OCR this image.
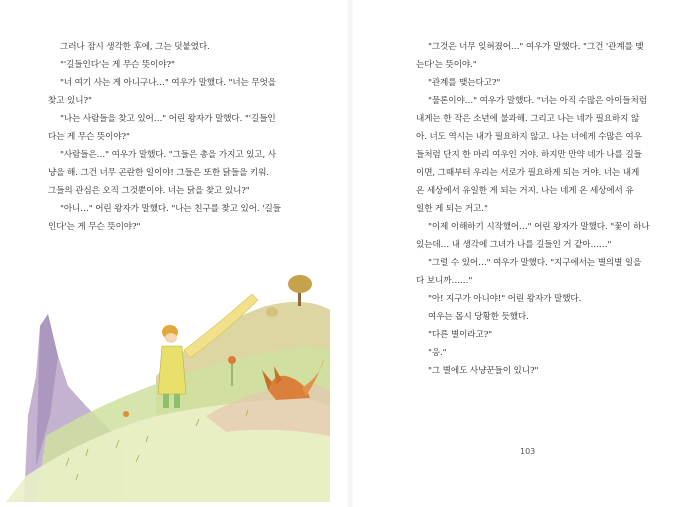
그러나 잠시 생각한 후에, 그는 덧붙였다.

"'길들인다'는 게 무슨 뜻이야?"

"너 여기 사는 게 아니구나…" 여우가 말했다. "너는 무엇을

찾고 있니?"

"나는 사람들을 찾고 있어…" 어린 왕자가 말했다. "'길들인

다는 게 무슨 뜻이야?"

"사람들은…" 여우가 말했다. "그들은 총을 가지고 있고, 사

냥을 해. 그건 너무 곤란한 일이야! 그들은 또한 닭들을 키워.

그들의 관심은 오직 그것뿐이야. 너는 닭을 찾고 있니?"

"아니…" 어린 왕자가 말했다. "나는 친구를 찾고 있어. '길들

인다'는 게 무슨 뜻이야?"

"그것은 너무 잊혀졌어…" 여우가 말했다. "그건 '관계를 맺

는다'는 뜻이야."

"관계를 맺는다고?"

"물론이야…" 여우가 말했다. "너는 아직 수많은 아이들처럼

내게는 한 작은 소년에 불과해. 그리고 나는 네가 필요하지 않

아. 너도 역시는 내가 필요하지 않고. 나는 너에게 수많은 여우

들처럼 단지 한 마리 여우인 거야. 하지만 만약 네가 나를 길들

이면, 그때부터 우리는 서로가 필요하게 되는 거야. 너는 내게

온 세상에서 유일한 게 되는 거지. 나는 네게 온 세상에서 유

일한 게 되는 거고."

"이제 이해하기 시작했어…" 어린 왕자가 말했다. "꽃이 하나

있는데… 내 생각에 그녀가 나를 길들인 거 같아……"

"그럴 수 있어…" 여우가 말했다. "지구에서는 별의별 일을

다 보니까……"

"아! 지구가 아니야!" 어린 왕자가 말했다.

여우는 몹시 당황한 듯했다.

"다른 별이라고?"

"응."

"그 별에도 사냥꾼들이 있니?"

103
